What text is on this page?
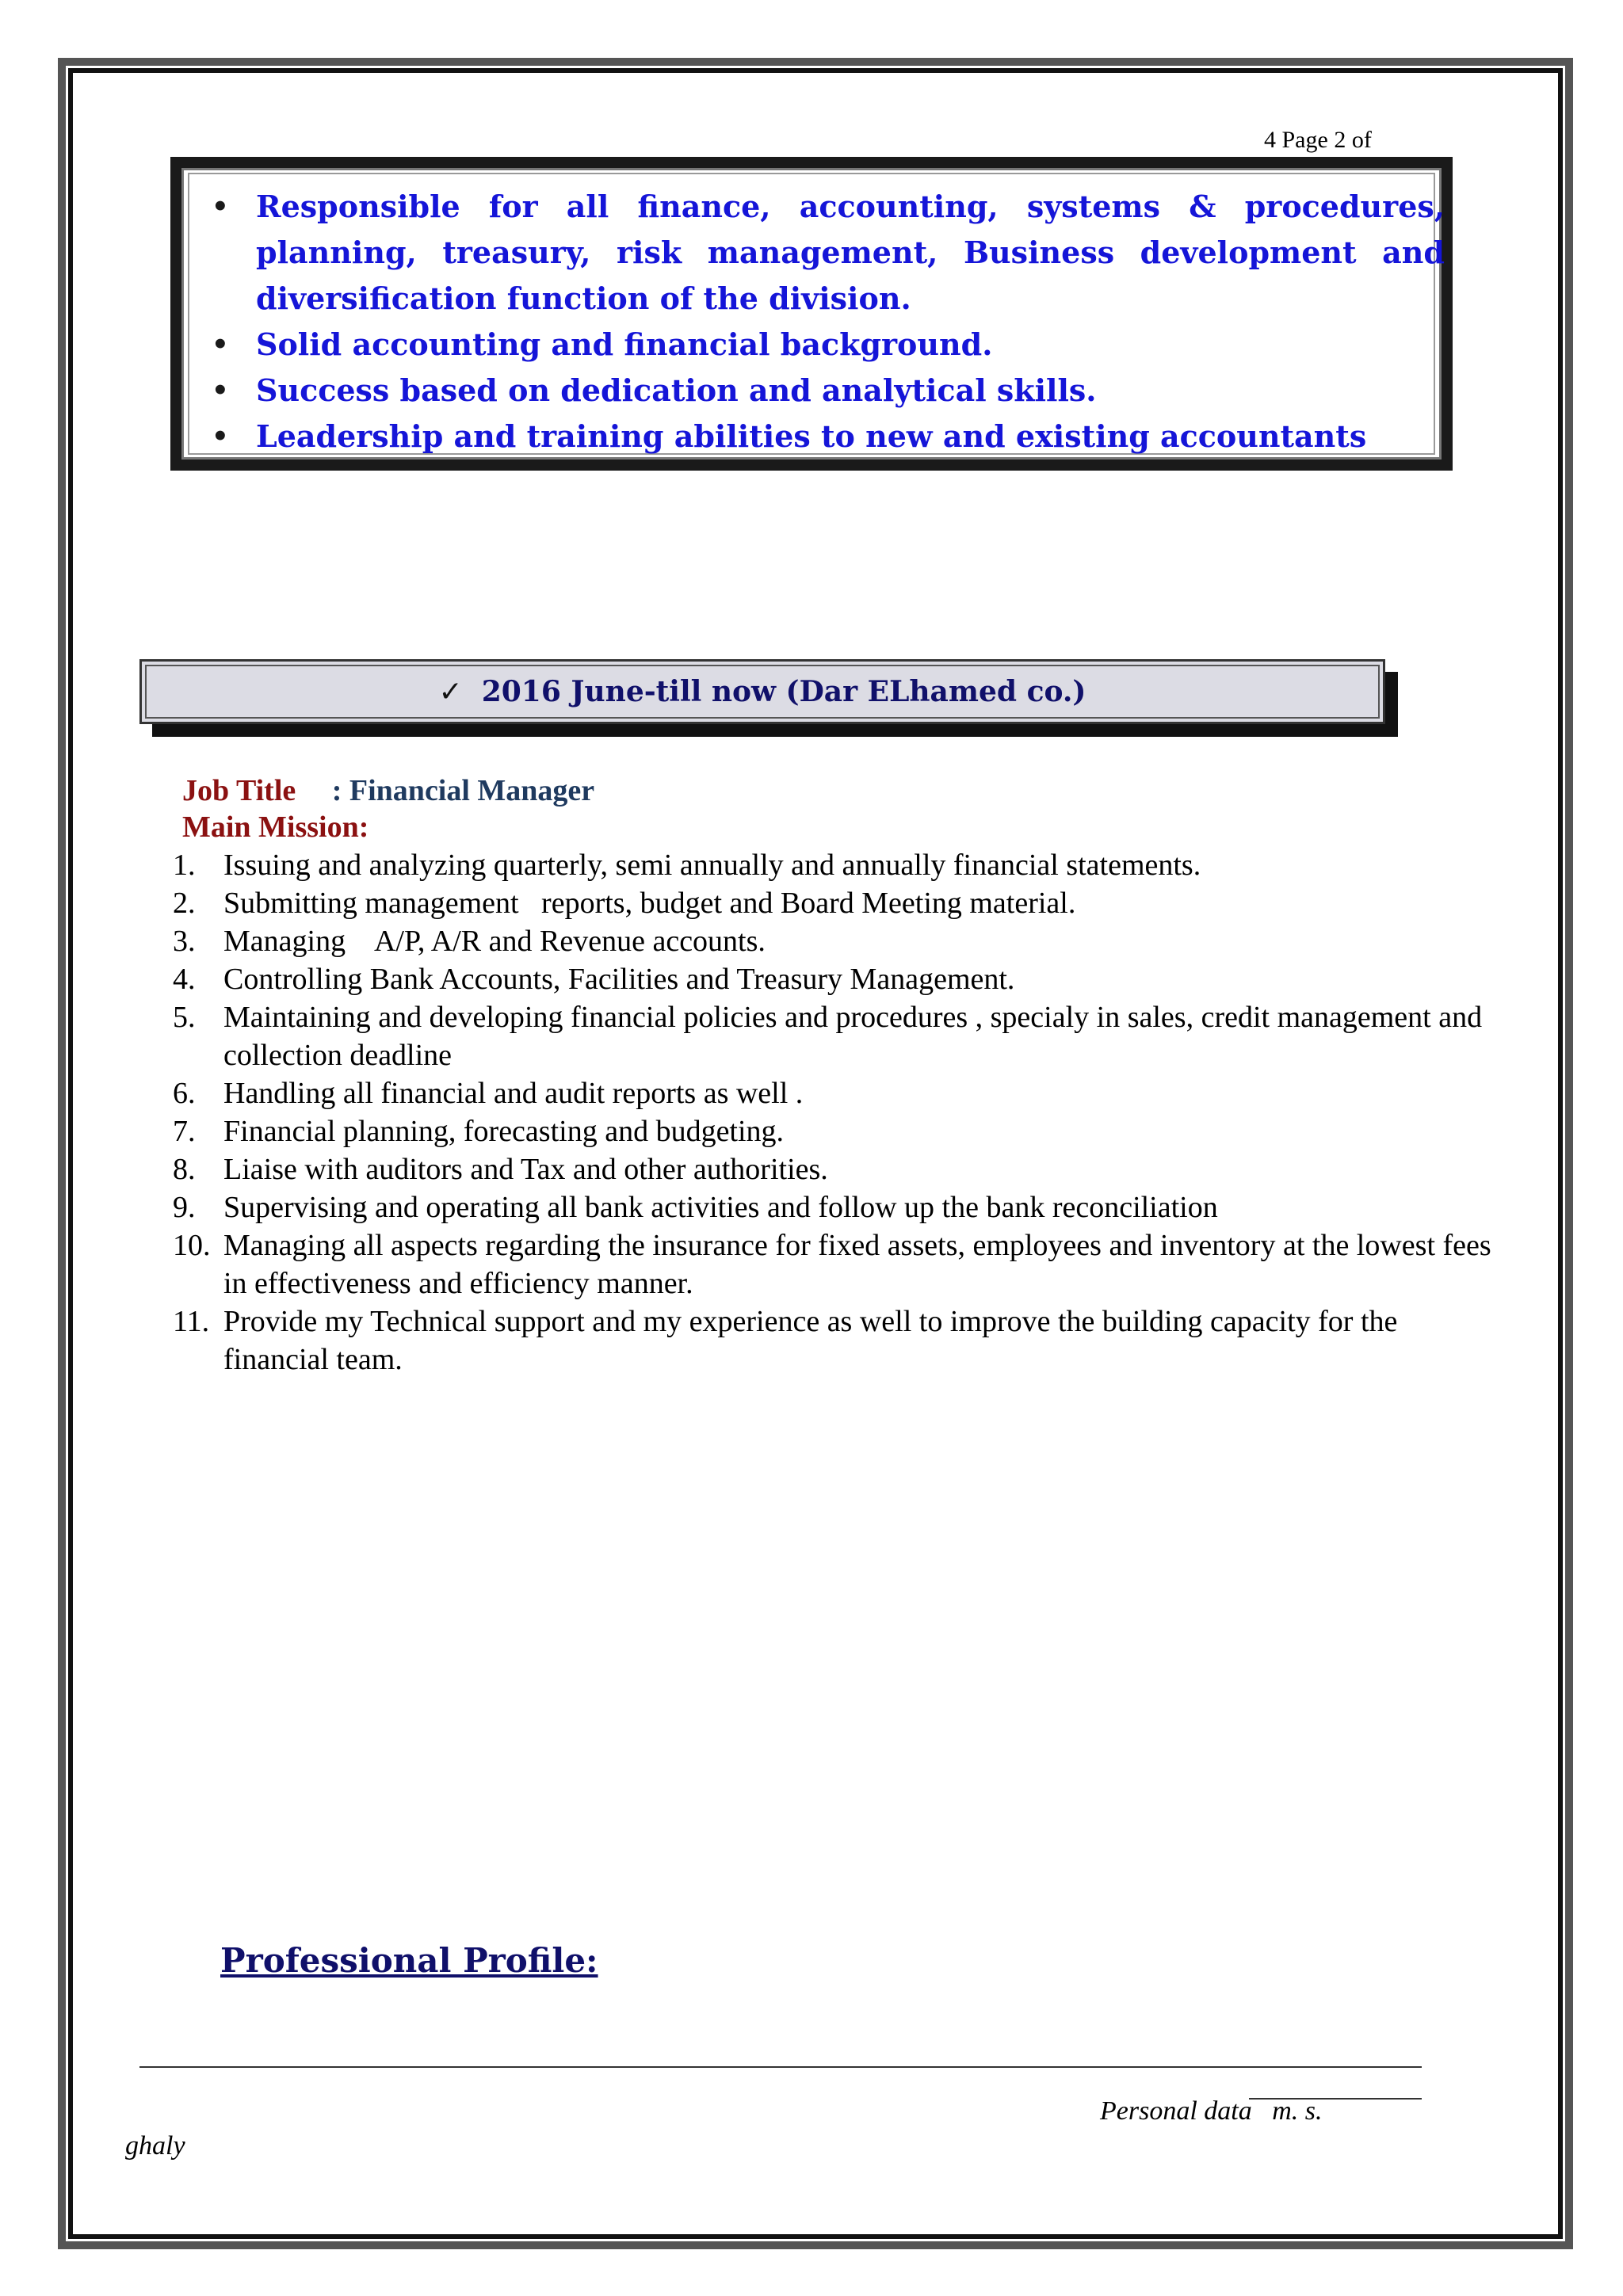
4 Page 2 of
• Responsible for all finance, accounting, systems & procedures, planning, treasury, risk management, Business development and diversification function of the division.
• Solid accounting and financial background.
• Success based on dedication and analytical skills.
• Leadership and training abilities to new and existing accountants
✓ 2016 June-till now (Dar ELhamed co.)
Job Title : Financial Manager
Main Mission:
1. Issuing and analyzing quarterly, semi annually and annually financial statements.
2. Submitting management   reports, budget and Board Meeting material.
3. Managing    A/P, A/R and Revenue accounts.
4. Controlling Bank Accounts, Facilities and Treasury Management.
5. Maintaining and developing financial policies and procedures , specialy in sales, credit management and collection deadline
6. Handling all financial and audit reports as well .
7. Financial planning, forecasting and budgeting.
8. Liaise with auditors and Tax and other authorities.
9. Supervising and operating all bank activities and follow up the bank reconciliation
10. Managing all aspects regarding the insurance for fixed assets, employees and inventory at the lowest fees in effectiveness and efficiency manner.
11. Provide my Technical support and my experience as well to improve the building capacity for the financial team.
Professional Profile:
Personal data   m. s.
ghaly
